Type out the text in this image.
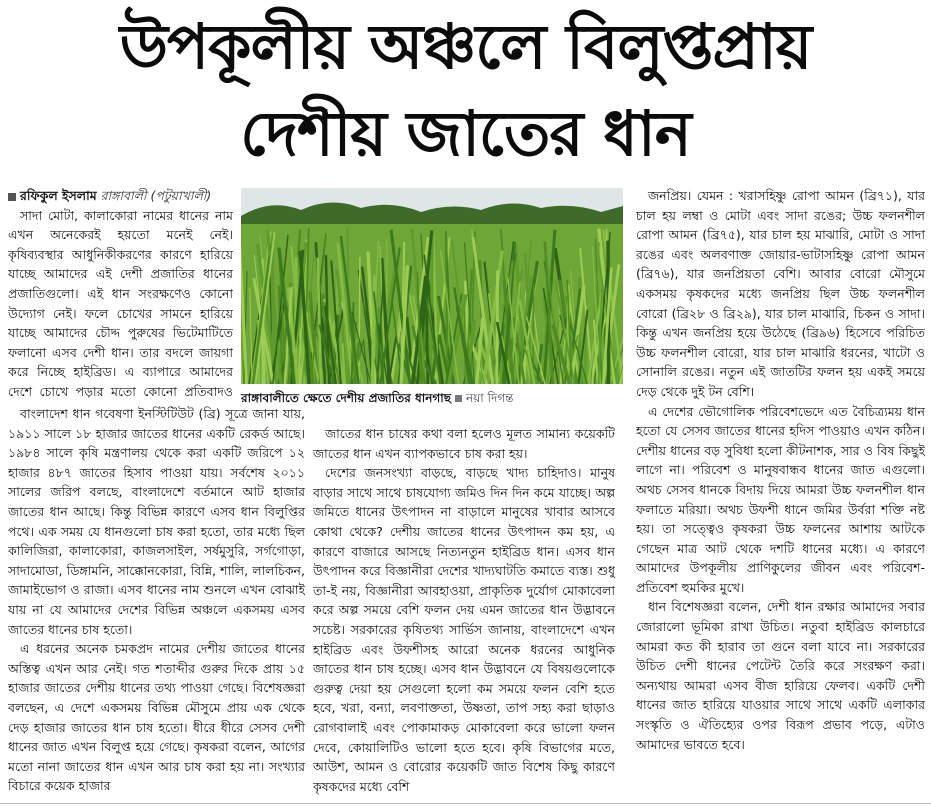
উপকূলীয় অঞ্চলে বিলুপ্তপ্রায়
দেশীয় জাতের ধান

রফিকুল ইসলাম রাঙ্গাবালী (পটুয়াখালী)

সাদা মোটা, কালাকোরা নামের ধানের নাম এখন অনেকেরই হয়তো মনেই নেই। কৃষিব্যবস্থার আধুনিকীকরণের কারণে হারিয়ে যাচ্ছে আমাদের এই দেশী প্রজাতির ধানের প্রজাতিগুলো। এই ধান সংরক্ষণেও কোনো উদ্যোগ নেই। ফলে চোখের সামনে হারিয়ে যাচ্ছে আমাদের চৌদ্দ পুরুষের ভিটেমাটিতে ফলানো এসব দেশী ধান। তার বদলে জায়গা করে নিচ্ছে হাইব্রিড। এ ব্যাপারে আমাদের দেশে চোখে পড়ার মতো কোনো প্রতিবাদও রাঙ্গাবালীতে ক্ষেতে দেশীয় প্রজাতির ধানগাছ নয়া দিগন্ত

বাংলাদেশ ধান গবেষণা ইনস্টিটিউট (ব্রি) সূত্রে জানা যায়, ১৯১১ সালে ১৮ হাজার জাতের ধানের একটি রেকর্ড আছে। ১৯৮৪ সালে কৃষি মন্ত্রণালয় থেকে করা একটি জরিপে ১২ হাজার ৪৮৭ জাতের হিসাব পাওয়া যায়। সর্বশেষ ২০১১ সালের জরিপ বলছে, বাংলাদেশে বর্তমানে আট হাজার জাতের ধান আছে। কিন্তু বিভিন্ন কারণে এসব ধান বিলুপ্তির পথে। এক সময় যে ধানগুলো চাষ করা হতো, তার মধ্যে ছিল কালিজিরা, কালাকোরা, কাজলসাইল, সর্ষমুসুরি, সর্গগোড়া, সাদামোডা, ডিঙ্গামনি, সাক্কোনকোরা, বিন্নি, শালি, লালচিকন, জামাইভোগ ও রাজা। এসব ধানের নাম শুনলে এখন বোঝাই যায় না যে আমাদের দেশের বিভিন্ন অঞ্চলে একসময় এসব জাতের ধানের চাষ হতো।

এ ধরনের অনেক চমকপ্রদ নামের দেশীয় জাতের ধানের অস্তিত্ব এখন আর নেই। গত শতাব্দীর গুরুর দিকে প্রায় ১৫ হাজার জাতের দেশীয় ধানের তথ্য পাওয়া গেছে। বিশেষজ্ঞরা বলছেন, এ দেশে একসময় বিভিন্ন মৌসুমে প্রায় এক থেকে দেড় হাজার জাতের ধান চাষ হতো। ধীরে ধীরে সেসব দেশী ধানের জাত এখন বিলুপ্ত হয়ে গেছে। কৃষকরা বলেন, আগের মতো নানা জাতের ধান এখন আর চাষ করা হয় না। সংখ্যার বিচারে কয়েক হাজার

জাতের ধান চাষের কথা বলা হলেও মূলত সামান্য কয়েকটি জাতের ধান এখন ব্যাপকভাবে চাষ করা হয়।

দেশের জনসংখ্যা বাড়ছে, বাড়ছে খাদ্য চাহিদাও। মানুষ বাড়ার সাথে সাথে চাষযোগ্য জমিও দিন দিন কমে যাচ্ছে। অল্প জমিতে ধানের উৎপাদন না বাড়ালে মানুষের খাবার আসবে কোথা থেকে? দেশীয় জাতের ধানের উৎপাদন কম হয়, এ কারণে বাজারে আসছে নিত্যনতুন হাইব্রিড ধান। এসব ধান উৎপাদন করে বিজ্ঞানীরা দেশের খাদ্যঘাটতি কমাতে ব্যস্ত। শুধু তা-ই নয়, বিজ্ঞানীরা আবহাওয়া, প্রাকৃতিক দুর্যোগ মোকাবেলা করে অল্প সময়ে বেশি ফলন দেয় এমন জাতের ধান উদ্ভাবনে সচেষ্ট। সরকারের কৃষিতথ্য সার্ভিস জানায়, বাংলাদেশে এখন হাইব্রিড এবং উফশীসহ আরো অনেক ধরনের আধুনিক জাতের ধান চাষ হচ্ছে। এসব ধান উদ্ভাবনে যে বিষয়গুলোকে গুরুত্ব দেয়া হয় সেগুলো হলো কম সময়ে ফলন বেশি হতে হবে, খরা, বন্যা, লবণাক্ততা, উষ্ণতা, তাপ সহ্য করা ছাড়াও রোগবালাই এবং পোকামাকড় মোকাবেলা করে ভালো ফলন দেবে, কোয়ালিটিও ভালো হতে হবে। কৃষি বিভাগের মতে, আউশ, আমন ও বোরোর কয়েকটি জাত বিশেষ কিছু কারণে কৃষকদের মধ্যে বেশি

জনপ্রিয়। যেমন : খরাসহিষ্ণু রোপা আমন (ব্রি৭১), যার চাল হয় লম্বা ও মোটা এবং সাদা রঙের; উচ্চ ফলনশীল রোপা আমন (ব্রি৭৫), যার চাল হয় মাঝারি, মোটা ও সাদা রঙের এবং অলবণাক্ত জোয়ার-ভাটাসহিষ্ণু রোপা আমন (ব্রি৭৬), যার জনপ্রিয়তা বেশি। আবার বোরো মৌসুমে একসময় কৃষকদের মধ্যে জনপ্রিয় ছিল উচ্চ ফলনশীল বোরো (ব্রি২৮ ও ব্রি২৯), যার চাল মাঝারি, চিকন ও সাদা। কিন্তু এখন জনপ্রিয় হয়ে উঠেছে (ব্রি৯৬) হিসেবে পরিচিত উচ্চ ফলনশীল বোরো, যার চাল মাঝারি ধরনের, খাটো ও সোনালি রঙের। নতুন এই জাতটির ফলন হয় একই সময়ে দেড় থেকে দুই টন বেশি।

এ দেশের ভৌগোলিক পরিবেশভেদে এত বৈচিত্র্যময় ধান হতো যে সেসব জাতের ধানের হদিস পাওয়াও এখন কঠিন। দেশীয় ধানের বড় সুবিধা হলো কীটনাশক, সার ও বিষ কিছুই লাগে না। পরিবেশ ও মানুষবান্ধব ধানের জাত এগুলো। অথচ সেসব ধানকে বিদায় দিয়ে আমরা উচ্চ ফলনশীল ধান ফলাতে মরিয়া। অথচ উফশী ধানে জমির উর্বরা শক্তি নষ্ট হয়। তা সত্ত্বেও কৃষকরা উচ্চ ফলনের আশায় আটকে গেছেন মাত্র আট থেকে দশটি ধানের মধ্যে। এ কারণে আমাদের উপকূলীয় প্রাণিকুলের জীবন এবং পরিবেশ-প্রতিবেশ হুমকির মুখে।

ধান বিশেষজ্ঞরা বলেন, দেশী ধান রক্ষার আমাদের সবার জোরালো ভূমিকা রাখা উচিত। নতুবা হাইব্রিড কালচারে আমরা কত কী হারাব তা গুনে বলা যাবে না। সরকারের উচিত দেশী ধানের পেটেন্ট তৈরি করে সংরক্ষণ করা। অন্যথায় আমরা এসব বীজ হারিয়ে ফেলব। একটি দেশী ধানের জাত হারিয়ে যাওয়ার সাথে সাথে একটি এলাকার সংস্কৃতি ও ঐতিহ্যের ওপর বিরূপ প্রভাব পড়ে, এটাও আমাদের ভাবতে হবে।
